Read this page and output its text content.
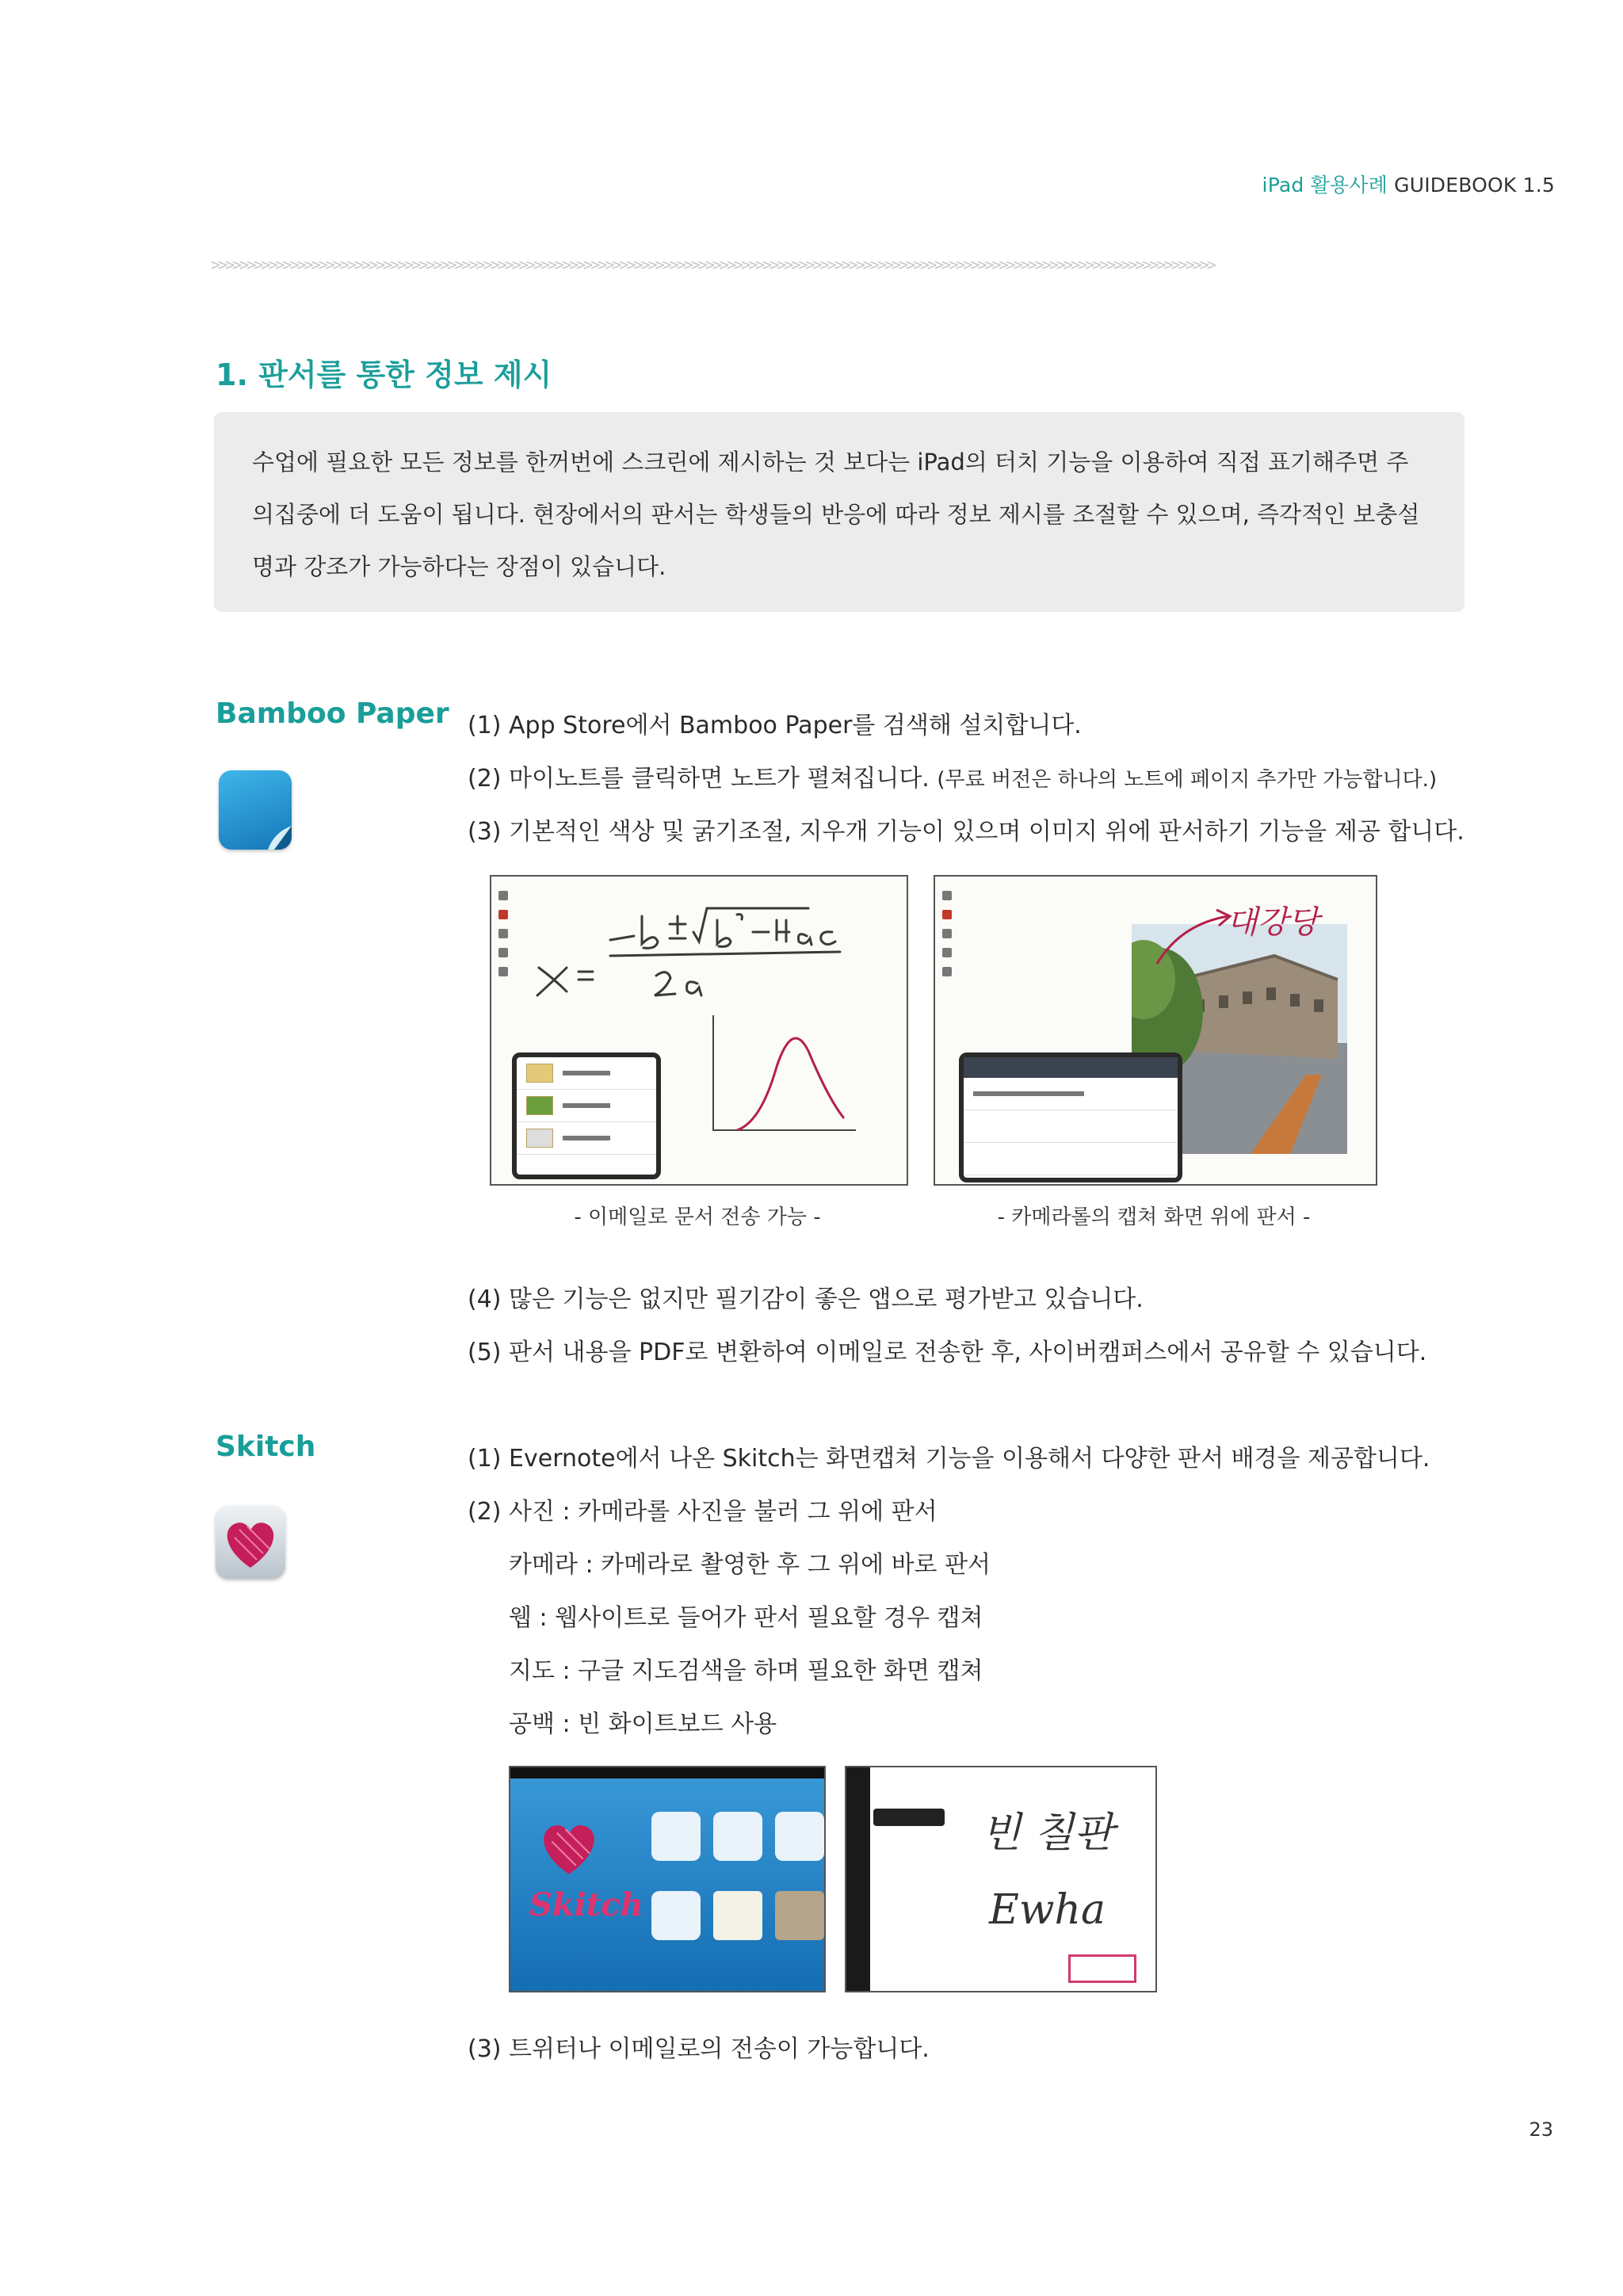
iPad 활용사례 GUIDEBOOK 1.5
>>>>>>>>>>>>>>>>>>>>>>>>>>>>>>>>>>>>>>>>>>>>>>>>>>>>>>>>>>>>>>>>>>>>>>>>>>>>>>>>>>>>>>>>>>>>>>>>>>>>>>>>>>>>>>>>>>>>>>>>>>>>>>>>>>>>>>>>>>>>
1. 판서를 통한 정보 제시
수업에 필요한 모든 정보를 한꺼번에 스크린에 제시하는 것 보다는 iPad의 터치 기능을 이용하여 직접 표기해주면 주
의집중에 더 도움이 됩니다. 현장에서의 판서는 학생들의 반응에 따라 정보 제시를 조절할 수 있으며, 즉각적인 보충설
명과 강조가 가능하다는 장점이 있습니다.
Bamboo Paper (1) App Store에서 Bamboo Paper를 검색해 설치합니다.
(2) 마이노트를 클릭하면 노트가 펼쳐집니다. (무료 버전은 하나의 노트에 페이지 추가만 가능합니다.)
(3) 기본적인 색상 및 굵기조절, 지우개 기능이 있으며 이미지 위에 판서하기 기능을 제공 합니다.
- 이메일로 문서 전송 가능 -
대강당
- 카메라롤의 캡쳐 화면 위에 판서 -
(4) 많은 기능은 없지만 필기감이 좋은 앱으로 평가받고 있습니다.
(5) 판서 내용을 PDF로 변환하여 이메일로 전송한 후, 사이버캠퍼스에서 공유할 수 있습니다.
Skitch	(1) Evernote에서 나온 Skitch는 화면캡쳐 기능을 이용해서 다양한 판서 배경을 제공합니다.
(2) 사진 : 카메라롤 사진을 불러 그 위에 판서
카메라 : 카메라로 촬영한 후 그 위에 바로 판서
웹 : 웹사이트로 들어가 판서 필요할 경우 캡쳐
지도 : 구글 지도검색을 하며 필요한 화면 캡쳐
공백 : 빈 화이트보드 사용
Skitch
빈 칠판
Ewha
(3) 트위터나 이메일로의 전송이 가능합니다.
23
